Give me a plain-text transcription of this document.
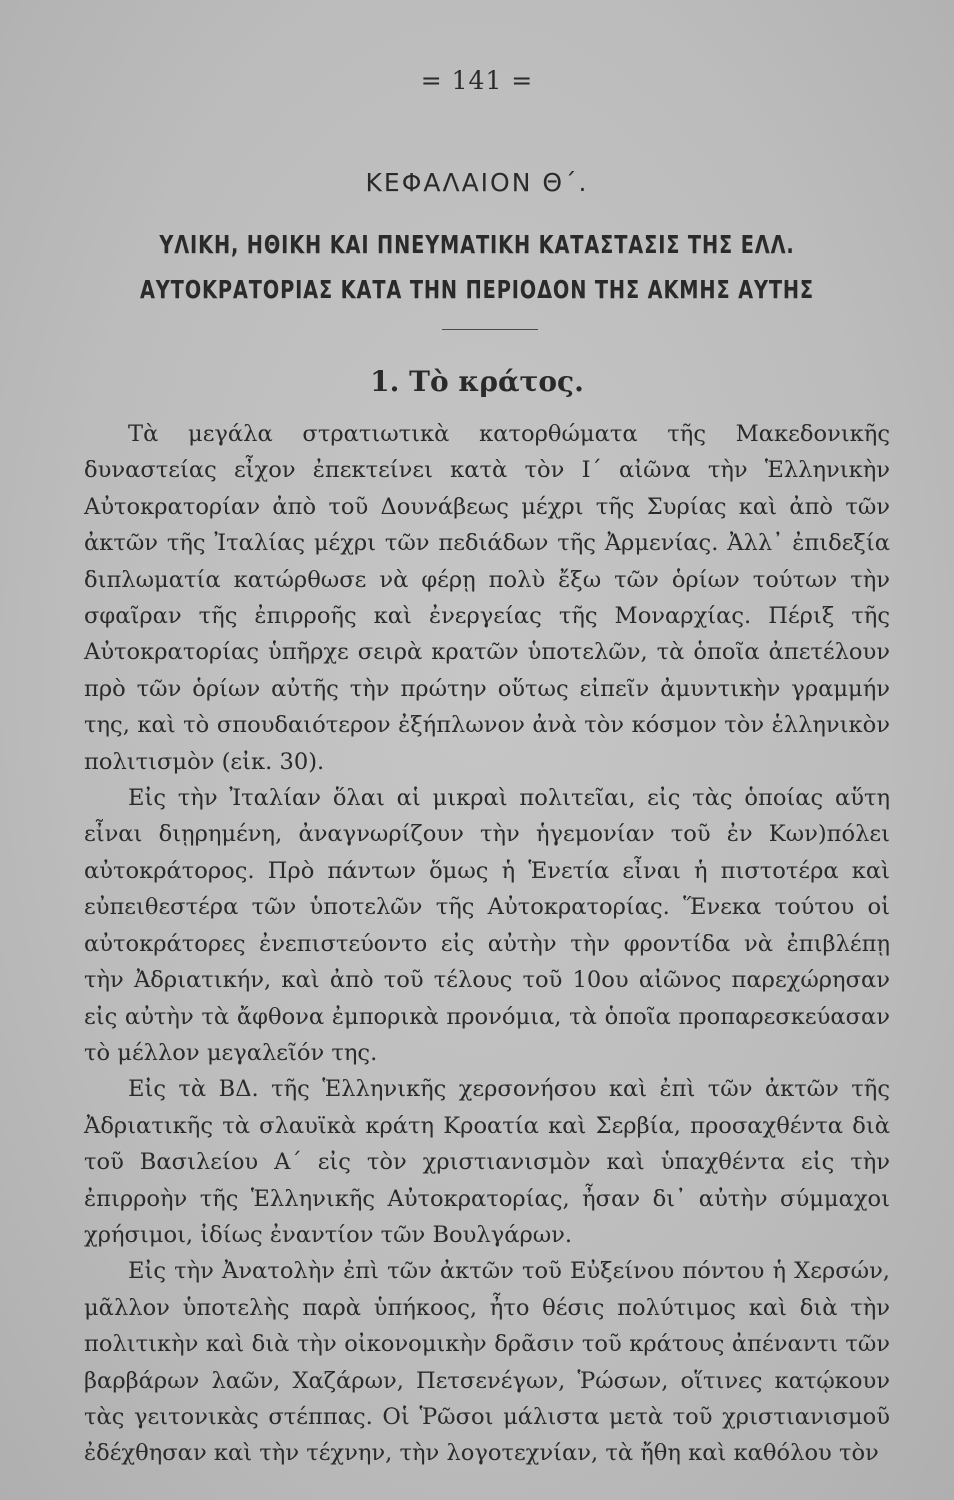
= 141 =
ΚΕΦΑΛΑΙΟΝ Θ΄.
ΥΛΙΚΗ, ΗΘΙΚΗ ΚΑΙ ΠΝΕΥΜΑΤΙΚΗ ΚΑΤΑΣΤΑΣΙΣ ΤΗΣ ΕΛΛ.
ΑΥΤΟΚΡΑΤΟΡΙΑΣ ΚΑΤΑ ΤΗΝ ΠΕΡΙΟΔΟΝ ΤΗΣ ΑΚΜΗΣ ΑΥΤΗΣ
1. Τὸ κράτος.

Τὰ μεγάλα στρατιωτικὰ κατορθώματα τῆς Μακεδονικῆς δυναστείας εἶχον ἐπεκτείνει κατὰ τὸν Ι΄ αἰῶνα τὴν Ἑλληνικὴν Αὐτοκρατορίαν ἀπὸ τοῦ Δουνάβεως μέχρι τῆς Συρίας καὶ ἀπὸ τῶν ἀκτῶν τῆς Ἰταλίας μέχρι τῶν πεδιάδων τῆς Ἀρμενίας. Ἀλλ᾿ ἐπιδεξία διπλωματία κατώρθωσε νὰ φέρῃ πολὺ ἔξω τῶν ὁρίων τούτων τὴν σφαῖραν τῆς ἐπιρροῆς καὶ ἐνεργείας τῆς Μοναρχίας. Πέριξ τῆς Αὐτοκρατορίας ὑπῆρχε σειρὰ κρατῶν ὑποτελῶν, τὰ ὁποῖα ἀπετέλουν πρὸ τῶν ὁρίων αὐτῆς τὴν πρώτην οὕτως εἰπεῖν ἀμυντικὴν γραμμήν της, καὶ τὸ σπουδαιότερον ἐξήπλωνον ἀνὰ τὸν κόσμον τὸν ἑλληνικὸν πολιτισμὸν (εἰκ. 30).

Εἰς τὴν Ἰταλίαν ὅλαι αἱ μικραὶ πολιτεῖαι, εἰς τὰς ὁποίας αὕτη εἶναι διῃρημένη, ἀναγνωρίζουν τὴν ἡγεμονίαν τοῦ ἐν Κων)πόλει αὐτοκράτορος. Πρὸ πάντων ὅμως ἡ Ἑνετία εἶναι ἡ πιστοτέρα καὶ εὐπειθεστέρα τῶν ὑποτελῶν τῆς Αὐτοκρατορίας. Ἕνεκα τούτου οἱ αὐτοκράτορες ἐνεπιστεύοντο εἰς αὐτὴν τὴν φροντίδα νὰ ἐπιβλέπῃ τὴν Ἀδριατικήν, καὶ ἀπὸ τοῦ τέλους τοῦ 10ου αἰῶνος παρεχώρησαν εἰς αὐτὴν τὰ ἄφθονα ἐμπορικὰ προνόμια, τὰ ὁποῖα προπαρεσκεύασαν τὸ μέλλον μεγαλεῖόν της.

Εἰς τὰ ΒΔ. τῆς Ἑλληνικῆς χερσονήσου καὶ ἐπὶ τῶν ἀκτῶν τῆς Ἀδριατικῆς τὰ σλαυϊκὰ κράτη Κροατία καὶ Σερβία, προσαχθέντα διὰ τοῦ Βασιλείου Α΄ εἰς τὸν χριστιανισμὸν καὶ ὑπαχθέντα εἰς τὴν ἐπιρροὴν τῆς Ἑλληνικῆς Αὐτοκρατορίας, ἦσαν δι᾿ αὐτὴν σύμμαχοι χρήσιμοι, ἰδίως ἐναντίον τῶν Βουλγάρων.

Εἰς τὴν Ἀνατολὴν ἐπὶ τῶν ἀκτῶν τοῦ Εὐξείνου πόντου ἡ Χερσών, μᾶλλον ὑποτελὴς παρὰ ὑπήκοος, ἦτο θέσις πολύτιμος καὶ διὰ τὴν πολιτικὴν καὶ διὰ τὴν οἰκονομικὴν δρᾶσιν τοῦ κράτους ἀπέναντι τῶν βαρβάρων λαῶν, Χαζάρων, Πετσενέγων, Ῥώσων, οἵτινες κατῴκουν τὰς γειτονικὰς στέππας. Οἱ Ῥῶσοι μάλιστα μετὰ τοῦ χριστιανισμοῦ ἐδέχθησαν καὶ τὴν τέχνην, τὴν λογοτεχνίαν, τὰ ἤθη καὶ καθόλου τὸν
